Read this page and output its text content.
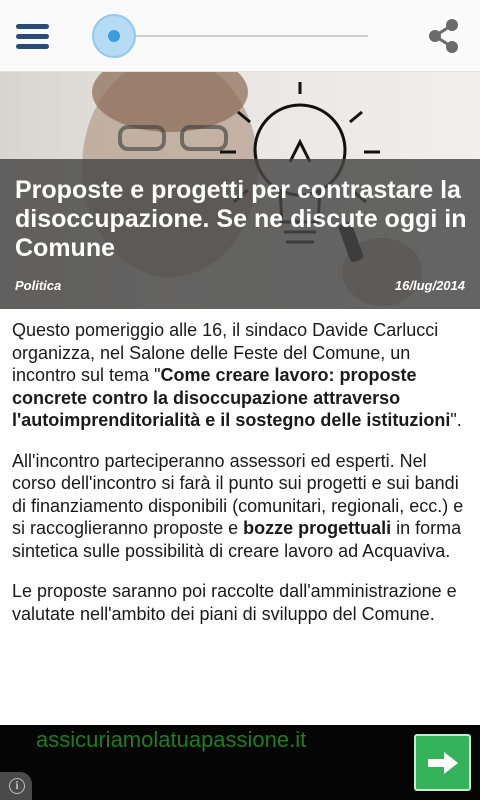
Proposte e progetti per contrastare la disoccupazione. Se ne discute oggi in Comune
Politica	16/lug/2014

Questo pomeriggio alle 16, il sindaco Davide Carlucci organizza, nel Salone delle Feste del Comune, un incontro sul tema "Come creare lavoro: proposte concrete contro la disoccupazione attraverso l'autoimprenditorialità e il sostegno delle istituzioni".

All'incontro parteciperanno assessori ed esperti. Nel corso dell'incontro si farà il punto sui progetti e sui bandi di finanziamento disponibili (comunitari, regionali, ecc.) e si raccoglieranno proposte e bozze progettuali in forma sintetica sulle possibilità di creare lavoro ad Acquaviva.

Le proposte saranno poi raccolte dall'amministrazione e valutate nell'ambito dei piani di sviluppo del Comune.

assicuriamolatuapassione.it
i
